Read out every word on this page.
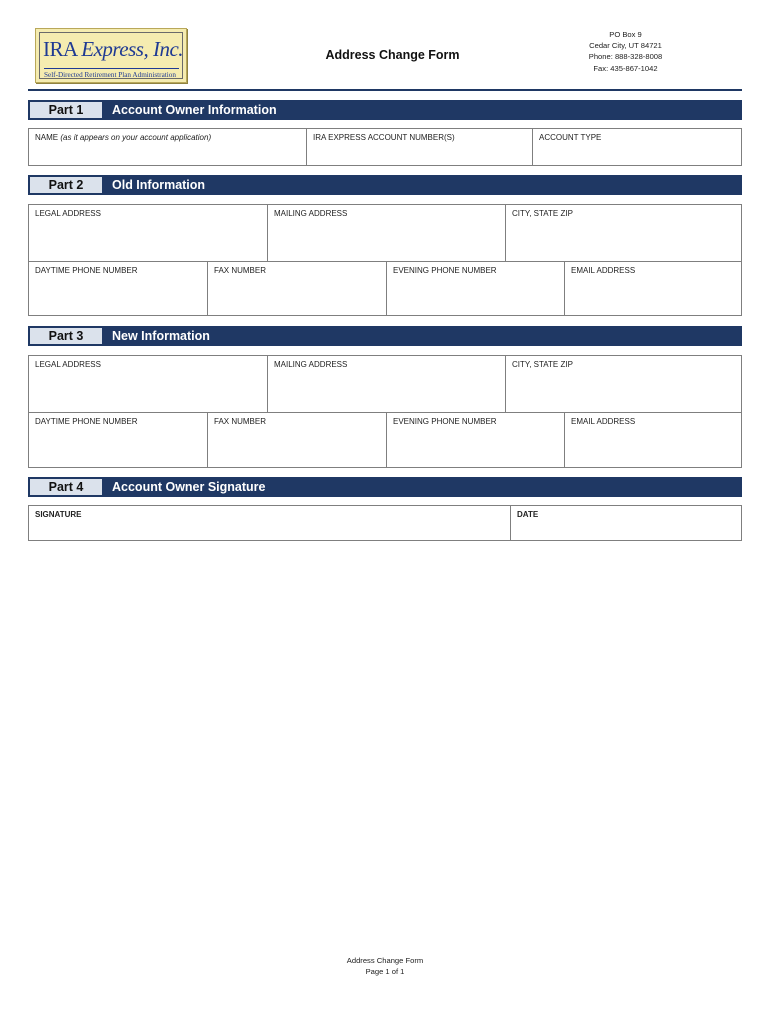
IRA Express, Inc.
Self-Directed Retirement Plan Administration
Address Change Form
PO Box 9
Cedar City, UT 84721
Phone: 888-328-8008
Fax: 435-867-1042
Part 1	Account Owner Information
NAME (as it appears on your account application)	IRA EXPRESS ACCOUNT NUMBER(S)	ACCOUNT TYPE
Part 2	Old Information
LEGAL ADDRESS	MAILING ADDRESS	CITY, STATE ZIP
DAYTIME PHONE NUMBER	FAX NUMBER	EVENING PHONE NUMBER	EMAIL ADDRESS
Part 3	New Information
LEGAL ADDRESS	MAILING ADDRESS	CITY, STATE ZIP
DAYTIME PHONE NUMBER	FAX NUMBER	EVENING PHONE NUMBER	EMAIL ADDRESS
Part 4	Account Owner Signature
SIGNATURE	DATE
Address Change Form
Page 1 of 1
